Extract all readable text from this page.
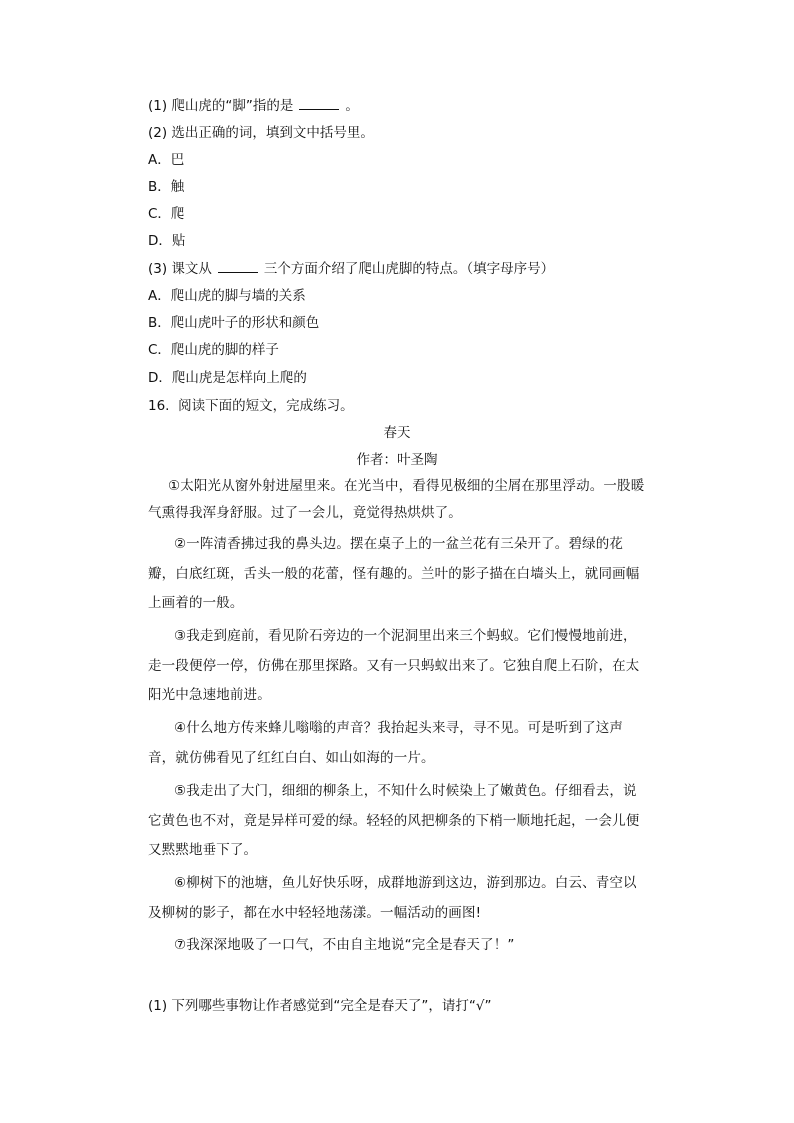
(1) 爬山虎的“脚”指的是	。
(2) 选出正确的词，填到文中括号里。
A．巴
B．触
C．爬
D．贴
(3) 课文从	三个方面介绍了爬山虎脚的特点。（填字母序号）
A．爬山虎的脚与墙的关系
B．爬山虎叶子的形状和颜色
C．爬山虎的脚的样子
D．爬山虎是怎样向上爬的
16. 阅读下面的短文，完成练习。
春天
作者：叶圣陶
①太阳光从窗外射进屋里来。在光当中，看得见极细的尘屑在那里浮动。一股暖气熏得我浑身舒服。过了一会儿，竟觉得热烘烘了。
②一阵清香拂过我的鼻头边。摆在桌子上的一盆兰花有三朵开了。碧绿的花瓣，白底红斑，舌头一般的花蕾，怪有趣的。兰叶的影子描在白墙头上，就同画幅上画着的一般。
③我走到庭前，看见阶石旁边的一个泥洞里出来三个蚂蚁。它们慢慢地前进，走一段便停一停，仿佛在那里探路。又有一只蚂蚁出来了。它独自爬上石阶，在太阳光中急速地前进。
④什么地方传来蜂儿嗡嗡的声音？我抬起头来寻，寻不见。可是听到了这声音，就仿佛看见了红红白白、如山如海的一片。
⑤我走出了大门，细细的柳条上，不知什么时候染上了嫩黄色。仔细看去，说它黄色也不对，竟是异样可爱的绿。轻轻的风把柳条的下梢一顺地托起，一会儿便又黙黙地垂下了。
⑥柳树下的池塘，鱼儿好快乐呀，成群地游到这边，游到那边。白云、青空以及柳树的影子，都在水中轻轻地荡漾。一幅活动的画图!
⑦我深深地吸了一口气，不由自主地说“完全是春天了！”
(1) 下列哪些事物让作者感觉到“完全是春天了”，请打“√”
